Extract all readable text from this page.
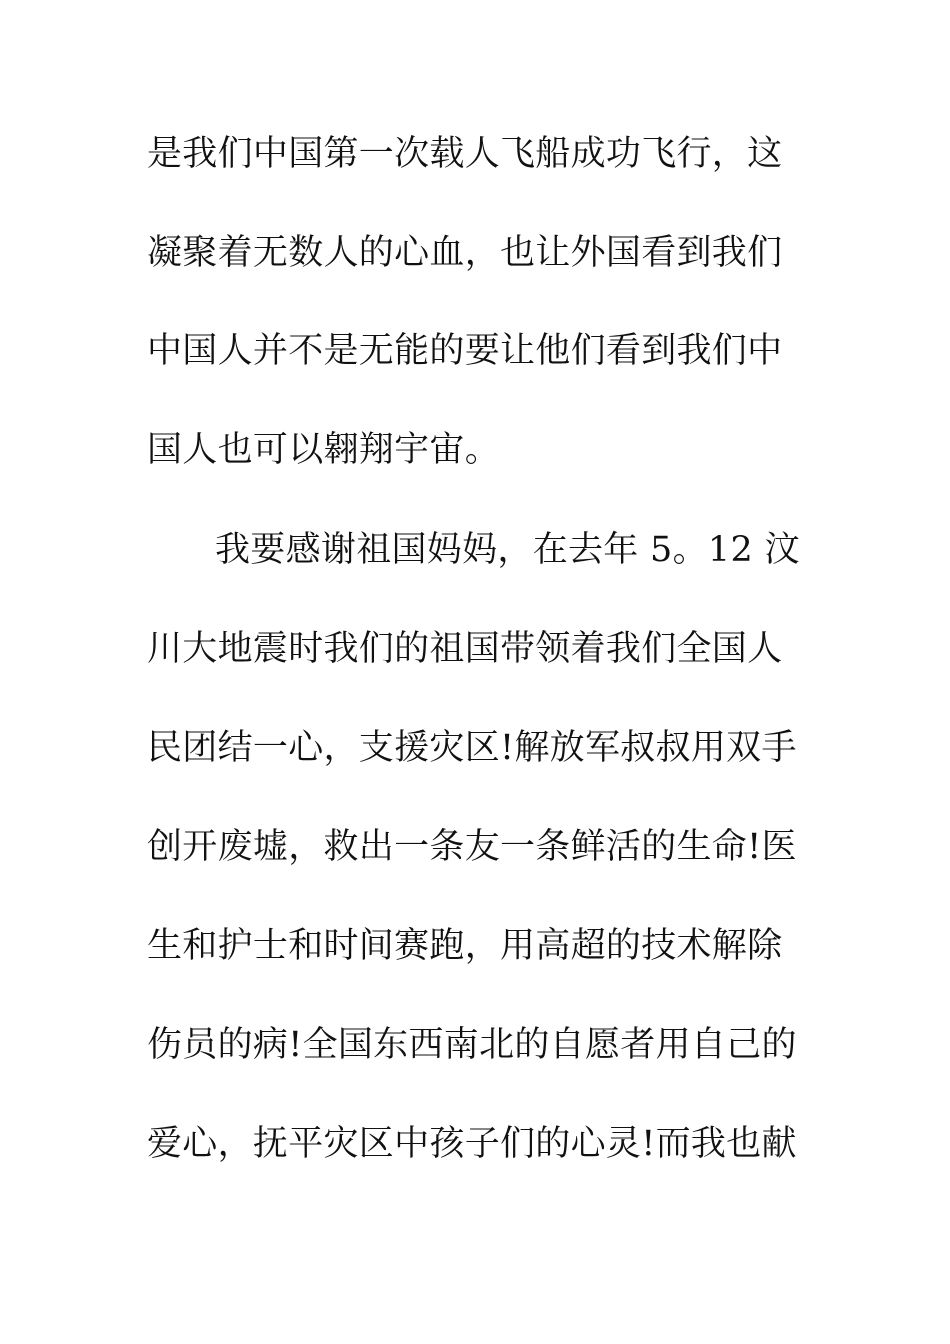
是我们中国第一次载人飞船成功飞行，这
凝聚着无数人的心血，也让外国看到我们
中国人并不是无能的要让他们看到我们中
国人也可以翱翔宇宙。
我要感谢祖国妈妈，在去年 5。12 汶
川大地震时我们的祖国带领着我们全国人
民团结一心，支援灾区!解放军叔叔用双手
创开废墟，救出一条友一条鲜活的生命!医
生和护士和时间赛跑，用高超的技术解除
伤员的病!全国东西南北的自愿者用自己的
爱心，抚平灾区中孩子们的心灵!而我也献
